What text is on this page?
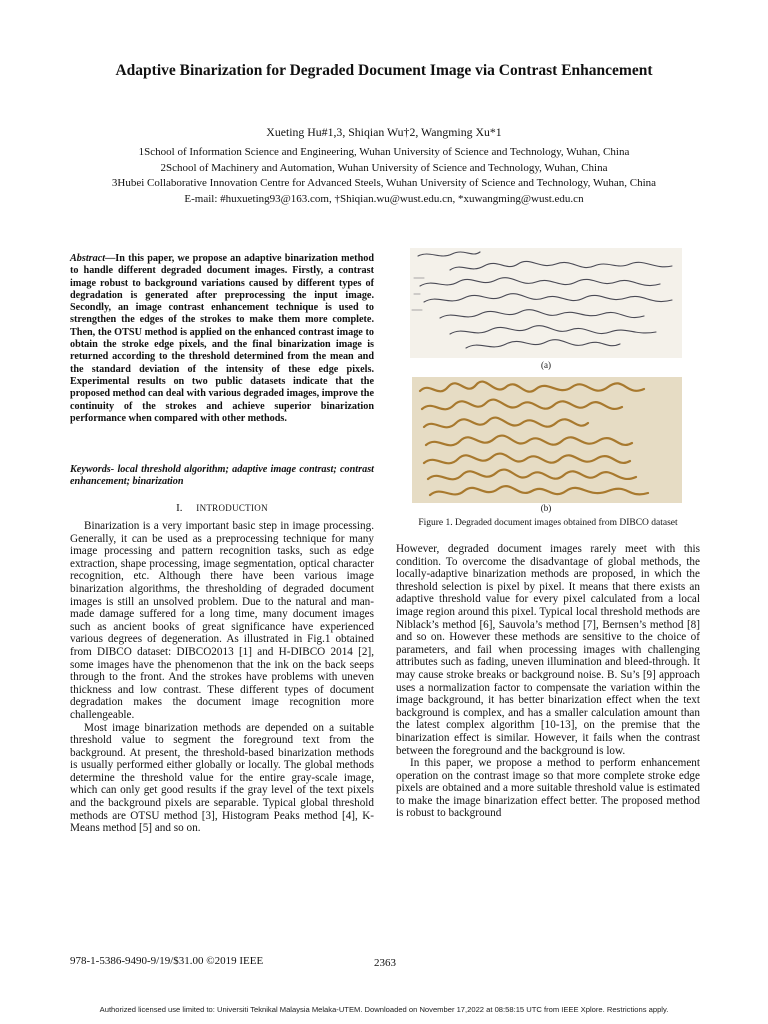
Adaptive Binarization for Degraded Document Image via Contrast Enhancement
Xueting Hu#1,3, Shiqian Wu†2, Wangming Xu*1
1School of Information Science and Engineering, Wuhan University of Science and Technology, Wuhan, China
2School of Machinery and Automation, Wuhan University of Science and Technology, Wuhan, China
3Hubei Collaborative Innovation Centre for Advanced Steels, Wuhan University of Science and Technology, Wuhan, China
E-mail: #huxueting93@163.com, †Shiqian.wu@wust.edu.cn, *xuwangming@wust.edu.cn
Abstract—In this paper, we propose an adaptive binarization method to handle different degraded document images. Firstly, a contrast image robust to background variations caused by different types of degradation is generated after preprocessing the input image. Secondly, an image contrast enhancement technique is used to strengthen the edges of the strokes to make them more complete. Then, the OTSU method is applied on the enhanced contrast image to obtain the stroke edge pixels, and the final binarization image is returned according to the threshold determined from the mean and the standard deviation of the intensity of these edge pixels. Experimental results on two public datasets indicate that the proposed method can deal with various degraded images, improve the continuity of the strokes and achieve superior binarization performance when compared with other methods.
Keywords- local threshold algorithm; adaptive image contrast; contrast enhancement; binarization
I. INTRODUCTION

Binarization is a very important basic step in image processing. Generally, it can be used as a preprocessing technique for many image processing and pattern recognition tasks, such as edge extraction, shape processing, image segmentation, optical character recognition, etc. Although there have been various image binarization algorithms, the thresholding of degraded document images is still an unsolved problem. Due to the natural and man-made damage suffered for a long time, many document images such as ancient books of great significance have experienced various degrees of degeneration. As illustrated in Fig.1 obtained from DIBCO dataset: DIBCO2013 [1] and H-DIBCO 2014 [2], some images have the phenomenon that the ink on the back seeps through to the front. And the strokes have problems with uneven thickness and low contrast. These different types of document degradation makes the document image recognition more challengeable.

Most image binarization methods are depended on a suitable threshold value to segment the foreground text from the background. At present, the threshold-based binarization methods is usually performed either globally or locally. The global methods determine the threshold value for the entire gray-scale image, which can only get good results if the gray level of the text pixels and the background pixels are separable. Typical global threshold methods are OTSU method [3], Histogram Peaks method [4], K-Means method [5] and so on.

(a)
(b)
Figure 1. Degraded document images obtained from DIBCO dataset

However, degraded document images rarely meet with this condition. To overcome the disadvantage of global methods, the locally-adaptive binarization methods are proposed, in which the threshold selection is pixel by pixel. It means that there exists an adaptive threshold value for every pixel calculated from a local image region around this pixel. Typical local threshold methods are Niblack’s method [6], Sauvola’s method [7], Bernsen’s method [8] and so on. However these methods are sensitive to the choice of parameters, and fail when processing images with challenging attributes such as fading, uneven illumination and bleed-through. It may cause stroke breaks or background noise. B. Su’s [9] approach uses a normalization factor to compensate the variation within the image background, it has better binarization effect when the text background is complex, and has a smaller calculation amount than the latest complex algorithm [10-13], on the premise that the binarization effect is similar. However, it fails when the contrast between the foreground and the background is low.

In this paper, we propose a method to perform enhancement operation on the contrast image so that more complete stroke edge pixels are obtained and a more suitable threshold value is estimated to make the image binarization effect better. The proposed method is robust to background

978-1-5386-9490-9/19/$31.00 ©2019 IEEE	2363
Authorized licensed use limited to: Universiti Teknikal Malaysia Melaka-UTEM. Downloaded on November 17,2022 at 08:58:15 UTC from IEEE Xplore. Restrictions apply.
